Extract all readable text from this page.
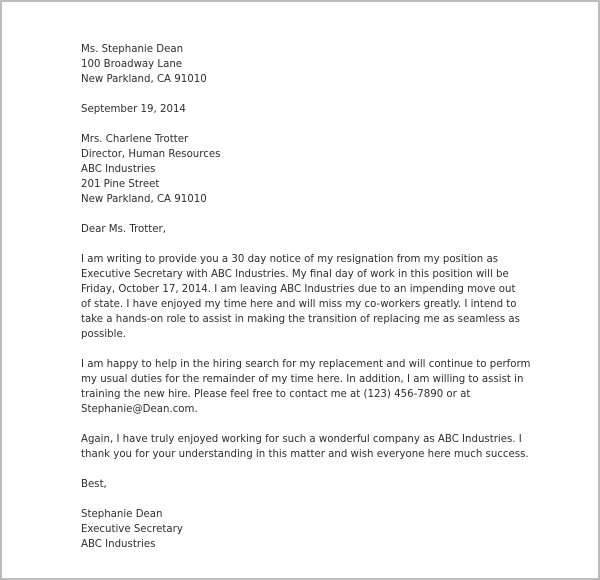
Ms. Stephanie Dean
100 Broadway Lane
New Parkland, CA 91010
September 19, 2014
Mrs. Charlene Trotter
Director, Human Resources
ABC Industries
201 Pine Street
New Parkland, CA 91010
Dear Ms. Trotter,
I am writing to provide you a 30 day notice of my resignation from my position as
Executive Secretary with ABC Industries. My final day of work in this position will be
Friday, October 17, 2014. I am leaving ABC Industries due to an impending move out
of state. I have enjoyed my time here and will miss my co-workers greatly. I intend to
take a hands-on role to assist in making the transition of replacing me as seamless as
possible.
I am happy to help in the hiring search for my replacement and will continue to perform
my usual duties for the remainder of my time here. In addition, I am willing to assist in
training the new hire. Please feel free to contact me at (123) 456-7890 or at
Stephanie@Dean.com.
Again, I have truly enjoyed working for such a wonderful company as ABC Industries. I
thank you for your understanding in this matter and wish everyone here much success.
Best,
Stephanie Dean
Executive Secretary
ABC Industries
